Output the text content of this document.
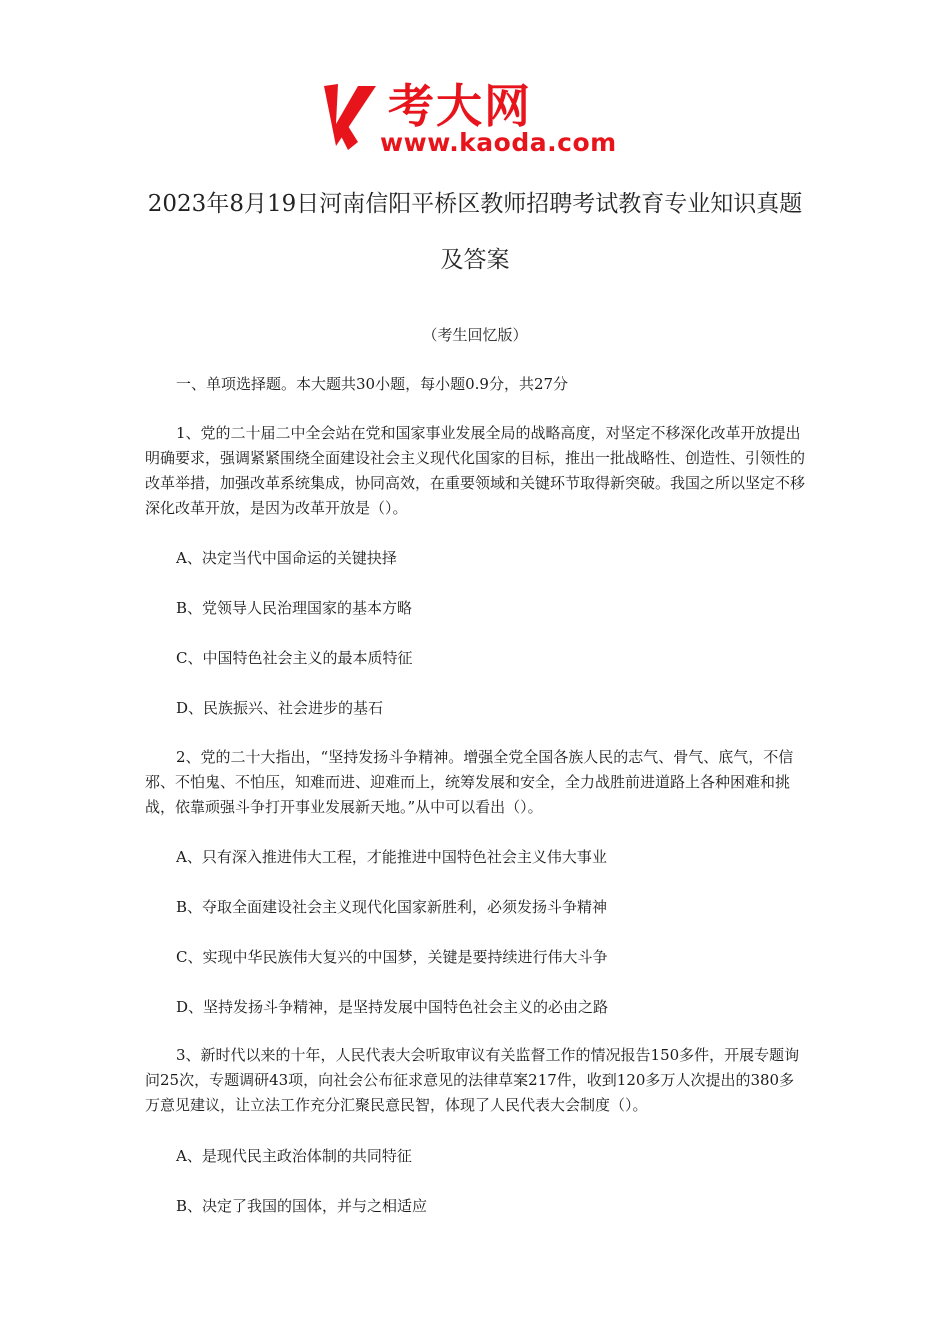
考大网
www.kaoda.com
2023年8月19日河南信阳平桥区教师招聘考试教育专业知识真题及答案
（考生回忆版）
一、单项选择题。本大题共30小题，每小题0.9分，共27分
1、党的二十届二中全会站在党和国家事业发展全局的战略高度，对坚定不移深化改革开放提出明确要求，强调紧紧围绕全面建设社会主义现代化国家的目标，推出一批战略性、创造性、引领性的改革举措，加强改革系统集成，协同高效，在重要领域和关键环节取得新突破。我国之所以坚定不移深化改革开放，是因为改革开放是（）。
A、决定当代中国命运的关键抉择
B、党领导人民治理国家的基本方略
C、中国特色社会主义的最本质特征
D、民族振兴、社会进步的基石
2、党的二十大指出，“坚持发扬斗争精神。增强全党全国各族人民的志气、骨气、底气，不信邪、不怕鬼、不怕压，知难而进、迎难而上，统筹发展和安全，全力战胜前进道路上各种困难和挑战，依靠顽强斗争打开事业发展新天地。”从中可以看出（）。
A、只有深入推进伟大工程，才能推进中国特色社会主义伟大事业
B、夺取全面建设社会主义现代化国家新胜利，必须发扬斗争精神
C、实现中华民族伟大复兴的中国梦，关键是要持续进行伟大斗争
D、坚持发扬斗争精神，是坚持发展中国特色社会主义的必由之路
3、新时代以来的十年，人民代表大会听取审议有关监督工作的情况报告150多件，开展专题询问25次，专题调研43项，向社会公布征求意见的法律草案217件，收到120多万人次提出的380多万意见建议，让立法工作充分汇聚民意民智，体现了人民代表大会制度（）。
A、是现代民主政治体制的共同特征
B、决定了我国的国体，并与之相适应
